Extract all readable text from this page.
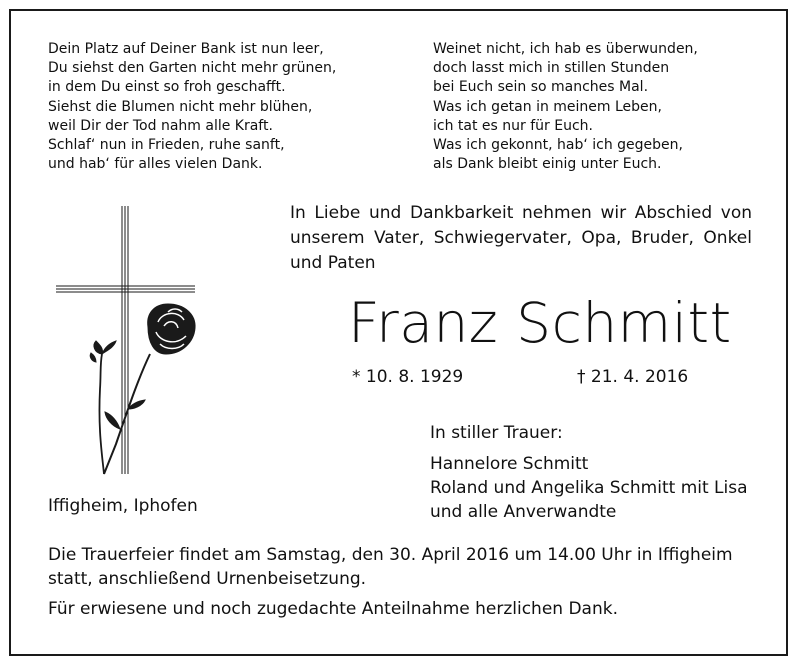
Dein Platz auf Deiner Bank ist nun leer,
Du siehst den Garten nicht mehr grünen,
in dem Du einst so froh geschafft.
Siehst die Blumen nicht mehr blühen,
weil Dir der Tod nahm alle Kraft.
Schlaf‘ nun in Frieden, ruhe sanft,
und hab‘ für alles vielen Dank.
Weinet nicht, ich hab es überwunden,
doch lasst mich in stillen Stunden
bei Euch sein so manches Mal.
Was ich getan in meinem Leben,
ich tat es nur für Euch.
Was ich gekonnt, hab‘ ich gegeben,
als Dank bleibt einig unter Euch.
In Liebe und Dankbarkeit nehmen wir Abschied von
unserem Vater, Schwiegervater, Opa, Bruder, Onkel
und Paten
Franz Schmitt
* 10. 8. 1929	† 21. 4. 2016
In stiller Trauer:
Hannelore Schmitt
Roland und Angelika Schmitt mit Lisa
und alle Anverwandte
Iffigheim, Iphofen
Die Trauerfeier findet am Samstag, den 30. April 2016 um 14.00 Uhr in Iffigheim
statt, anschließend Urnenbeisetzung.
Für erwiesene und noch zugedachte Anteilnahme herzlichen Dank.
